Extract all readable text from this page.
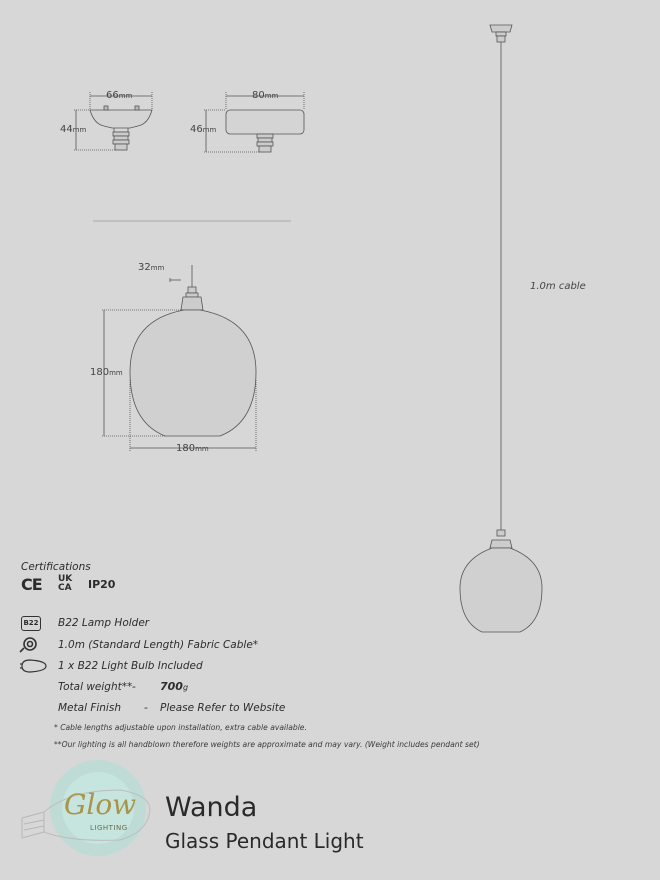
66mm
44mm
80mm
46mm
32mm
180mm
180mm
1.0m cable
Certifications
CE UK
CA IP20
B22 B22 Lamp Holder
1.0m (Standard Length) Fabric Cable*
1 x B22 Light Bulb Included
Total weight** - 700g
Metal Finish - Please Refer to Website
* Cable lengths adjustable upon installation, extra cable available.
**Our lighting is all handblown therefore weights are approximate and may vary. (Weight includes pendant set)
Glow
LIGHTING
Wanda
Glass Pendant Light
